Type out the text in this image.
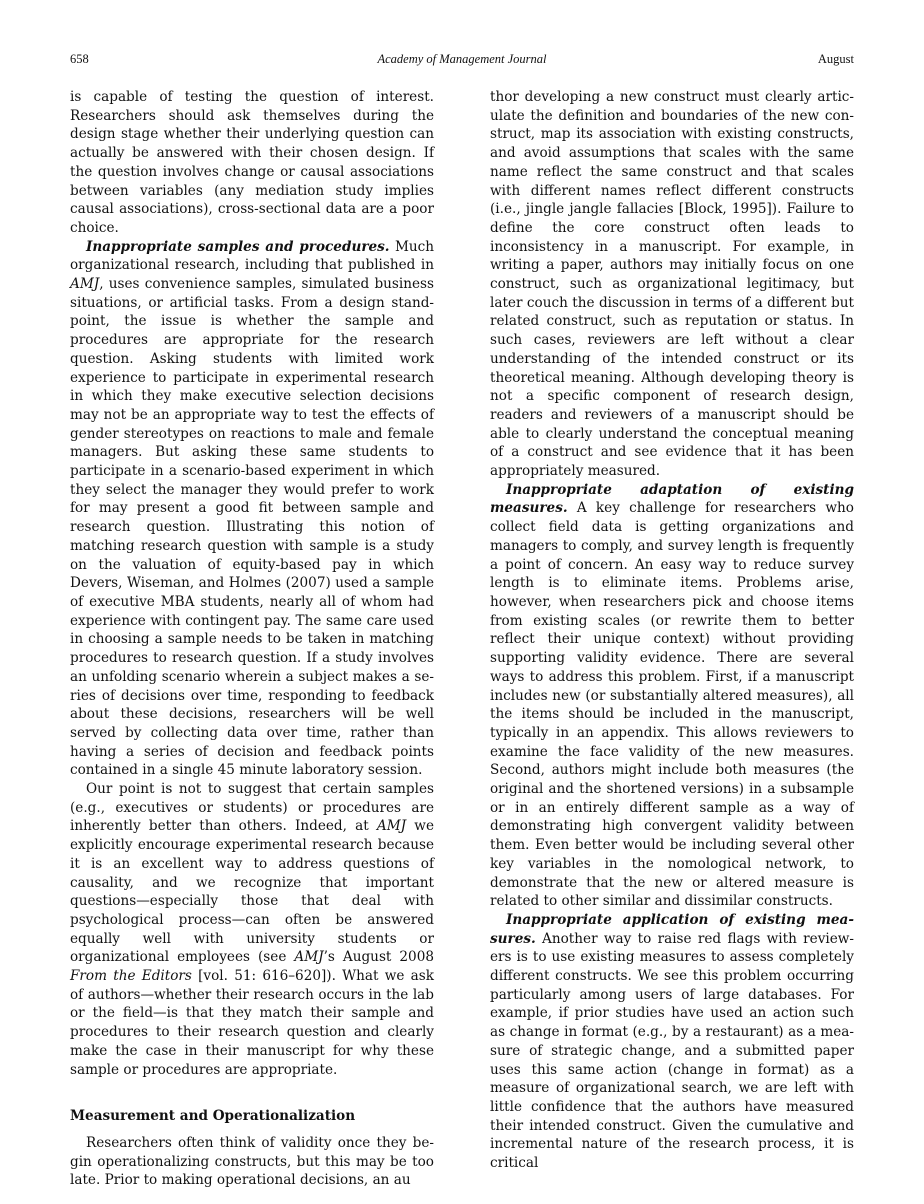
658	Academy of Management Journal	August

is capable of testing the question of interest. Researchers should ask themselves during the design stage whether their underlying question can actually be answered with their chosen design. If the question involves change or causal associations between variables (any mediation study implies causal associations), cross-sectional data are a poor choice.

Inappropriate samples and procedures. Much organizational research, including that published in AMJ, uses convenience samples, simulated business situations, or artificial tasks. From a design standpoint, the issue is whether the sample and procedures are appropriate for the research question. Asking students with limited work experience to participate in experimental research in which they make executive selection decisions may not be an appropriate way to test the effects of gender stereotypes on reactions to male and female managers. But asking these same students to participate in a scenario-based experiment in which they select the manager they would prefer to work for may present a good fit between sample and research question. Illustrating this notion of matching research question with sample is a study on the valuation of equity-based pay in which Devers, Wiseman, and Holmes (2007) used a sample of executive MBA students, nearly all of whom had experience with contingent pay. The same care used in choosing a sample needs to be taken in matching procedures to research question. If a study involves an unfolding scenario wherein a subject makes a series of decisions over time, responding to feedback about these decisions, researchers will be well served by collecting data over time, rather than having a series of decision and feedback points contained in a single 45 minute laboratory session.

Our point is not to suggest that certain samples (e.g., executives or students) or procedures are inherently better than others. Indeed, at AMJ we explicitly encourage experimental research because it is an excellent way to address questions of causality, and we recognize that important questions—especially those that deal with psychological process—can often be answered equally well with university students or organizational employees (see AMJ’s August 2008 From the Editors [vol. 51: 616–620]). What we ask of authors—whether their research occurs in the lab or the field—is that they match their sample and procedures to their research question and clearly make the case in their manuscript for why these sample or procedures are appropriate.

Measurement and Operationalization

Researchers often think of validity once they begin operationalizing constructs, but this may be too late. Prior to making operational decisions, an au

thor developing a new construct must clearly articulate the definition and boundaries of the new construct, map its association with existing constructs, and avoid assumptions that scales with the same name reflect the same construct and that scales with different names reflect different constructs (i.e., jingle jangle fallacies [Block, 1995]). Failure to define the core construct often leads to inconsistency in a manuscript. For example, in writing a paper, authors may initially focus on one construct, such as organizational legitimacy, but later couch the discussion in terms of a different but related construct, such as reputation or status. In such cases, reviewers are left without a clear understanding of the intended construct or its theoretical meaning. Although developing theory is not a specific component of research design, readers and reviewers of a manuscript should be able to clearly understand the conceptual meaning of a construct and see evidence that it has been appropriately measured.

Inappropriate adaptation of existing measures. A key challenge for researchers who collect field data is getting organizations and managers to comply, and survey length is frequently a point of concern. An easy way to reduce survey length is to eliminate items. Problems arise, however, when researchers pick and choose items from existing scales (or rewrite them to better reflect their unique context) without providing supporting validity evidence. There are several ways to address this problem. First, if a manuscript includes new (or substantially altered measures), all the items should be included in the manuscript, typically in an appendix. This allows reviewers to examine the face validity of the new measures. Second, authors might include both measures (the original and the shortened versions) in a subsample or in an entirely different sample as a way of demonstrating high convergent validity between them. Even better would be including several other key variables in the nomological network, to demonstrate that the new or altered measure is related to other similar and dissimilar constructs.

Inappropriate application of existing measures. Another way to raise red flags with reviewers is to use existing measures to assess completely different constructs. We see this problem occurring particularly among users of large databases. For example, if prior studies have used an action such as change in format (e.g., by a restaurant) as a measure of strategic change, and a submitted paper uses this same action (change in format) as a measure of organizational search, we are left with little confidence that the authors have measured their intended construct. Given the cumulative and incremental nature of the research process, it is critical
